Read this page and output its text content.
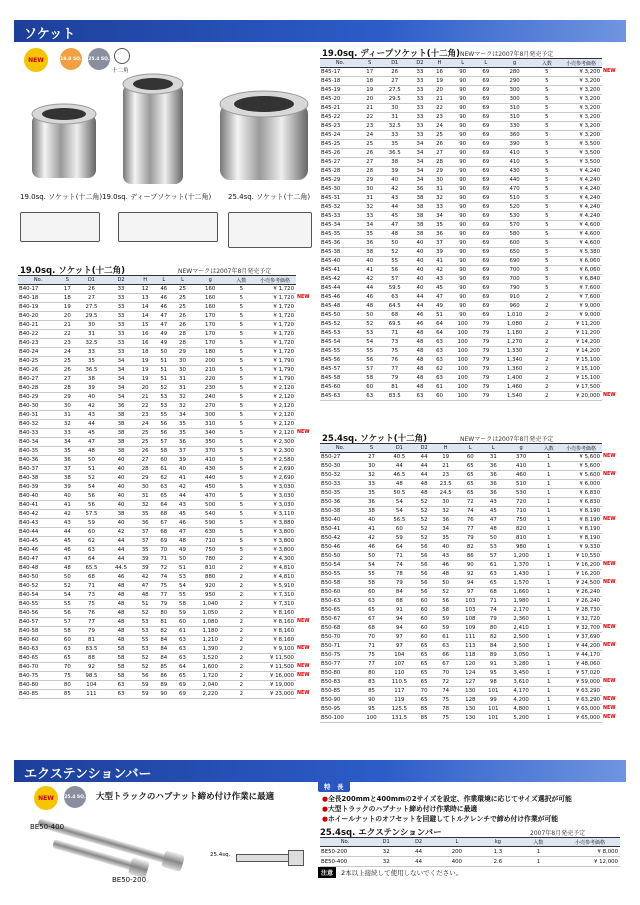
ソケット
NEW	19.0 SQ. 25.4 SQ.
十二角
19.0sq. ソケット(十二角) 19.0sq. ディープソケット(十二角) 25.4sq. ソケット(十二角)
19.0sq. ソケット(十二角)	NEWマークは2007年8月発売予定
No.	S	D1	D2	H	L	L	g	入数	小売参考価格	
B40-17	17	26	33	12	46	25	160	5	¥ 1,720	
B40-18	18	27	33	13	46	25	160	5	¥ 1,720	NEW
B40-19	19	27.5	33	14	46	25	160	5	¥ 1,720	
B40-20	20	29.5	33	14	47	26	170	5	¥ 1,720	
B40-21	21	30	33	15	47	26	170	5	¥ 1,720	
B40-22	22	31	33	16	49	28	170	5	¥ 1,720	
B40-23	23	32.5	33	16	49	28	170	5	¥ 1,720	
B40-24	24	33	33	18	50	29	180	5	¥ 1,720	
B40-25	25	35	34	19	51	30	200	5	¥ 1,790	
B40-26	26	36.5	34	19	51	30	210	5	¥ 1,790	
B40-27	27	38	34	19	51	31	220	5	¥ 1,790	
B40-28	28	39	34	20	52	31	230	5	¥ 2,120	
B40-29	29	40	34	21	53	32	240	5	¥ 2,120	
B40-30	30	42	36	22	53	32	270	5	¥ 2,120	
B40-31	31	43	38	23	55	34	300	5	¥ 2,120	
B40-32	32	44	38	24	56	35	310	5	¥ 2,120	
B40-33	33	45	38	25	56	35	340	5	¥ 2,120	NEW
B40-34	34	47	38	25	57	36	350	5	¥ 2,300	
B40-35	35	48	38	26	58	37	370	5	¥ 2,300	
B40-36	36	50	40	27	60	39	410	5	¥ 2,580	
B40-37	37	51	40	28	61	40	430	5	¥ 2,690	
B40-38	38	52	40	29	62	41	440	5	¥ 2,690	
B40-39	39	54	40	30	63	42	450	5	¥ 3,030	
B40-40	40	56	40	31	65	44	470	5	¥ 3,030	
B40-41	41	56	40	32	64	43	500	5	¥ 3,030	
B40-42	42	57.5	38	35	68	45	540	5	¥ 3,110	
B40-43	43	59	40	36	67	46	590	5	¥ 3,880	
B40-44	44	60	42	37	68	47	630	5	¥ 3,800	
B40-45	45	62	44	37	69	48	710	5	¥ 3,800	
B40-46	46	63	44	35	70	49	750	5	¥ 3,800	
B40-47	47	64	44	39	71	50	780	2	¥ 4,300	
B40-48	48	65.5	44.5	39	72	51	810	2	¥ 4,810	
B40-50	50	68	46	42	74	53	880	2	¥ 4,810	
B40-52	52	71	48	47	75	54	920	2	¥ 5,910	
B40-54	54	73	48	48	77	55	950	2	¥ 7,310	
B40-55	55	75	48	51	79	58	1,040	2	¥ 7,310	
B40-56	56	76	48	52	80	59	1,050	2	¥ 8,160	
B40-57	57	77	48	53	81	60	1,080	2	¥ 8,160	NEW
B40-58	58	79	48	53	82	61	1,180	2	¥ 8,160	
B40-60	60	81	48	55	84	63	1,210	2	¥ 8,160	
B40-63	63	83.5	58	53	84	63	1,390	2	¥ 9,100	NEW
B40-65	65	88	58	52	84	63	1,520	2	¥ 11,500	
B40-70	70	92	58	52	85	64	1,600	2	¥ 11,500	NEW
B40-75	75	98.5	58	56	86	65	1,720	2	¥ 16,000	NEW
B40-80	80	104	63	59	89	69	2,040	2	¥ 19,000	
B40-85	85	111	63	59	90	69	2,220	2	¥ 23,000	NEW
19.0sq. ディープソケット(十二角) NEWマークは2007年8月発売予定
No.	S	D1	D2	H	L	L	g	入数	小売参考価格	
B45-17	17	26	33	16	90	69	280	5	¥ 3,200	NEW
B45-18	18	27	33	19	90	69	290	5	¥ 3,200	
B45-19	19	27.5	33	20	90	69	300	5	¥ 3,200	
B45-20	20	29.5	33	21	90	69	300	5	¥ 3,200	
B45-21	21	30	33	22	90	69	310	5	¥ 3,200	
B45-22	22	31	33	23	90	69	310	5	¥ 3,200	
B45-23	23	32.5	33	24	90	69	330	5	¥ 3,200	
B45-24	24	33	33	25	90	69	360	5	¥ 3,200	
B45-25	25	35	34	26	90	69	390	5	¥ 3,500	
B45-26	26	36.5	34	27	90	69	410	5	¥ 3,500	
B45-27	27	38	34	28	90	69	410	5	¥ 3,500	
B45-28	28	39	34	29	90	69	430	5	¥ 4,240	
B45-29	29	40	34	30	90	69	440	5	¥ 4,240	
B45-30	30	42	36	31	90	69	470	5	¥ 4,240	
B45-31	31	43	38	32	90	69	510	5	¥ 4,240	
B45-32	32	44	38	33	90	69	520	5	¥ 4,240	
B45-33	33	45	38	34	90	69	530	5	¥ 4,240	
B45-34	34	47	38	35	90	69	570	5	¥ 4,600	
B45-35	35	48	38	36	90	69	580	5	¥ 4,600	
B45-36	36	50	40	37	90	69	600	5	¥ 4,600	
B45-38	38	52	40	39	90	69	650	5	¥ 5,380	
B45-40	40	55	40	41	90	69	690	5	¥ 6,060	
B45-41	41	56	40	42	90	69	700	5	¥ 6,060	
B45-42	42	57	40	43	90	69	700	5	¥ 6,840	
B45-44	44	59.5	40	45	90	69	790	5	¥ 7,600	
B45-46	46	63	44	47	90	69	910	2	¥ 7,600	
B45-48	48	64.5	44	49	90	69	960	2	¥ 9,000	
B45-50	50	68	46	51	90	69	1,010	2	¥ 9,000	
B45-52	52	69.5	46	64	100	79	1,080	2	¥ 11,200	
B45-53	53	71	48	64	100	79	1,180	2	¥ 11,200	
B45-54	54	73	48	63	100	79	1,270	2	¥ 14,200	
B45-55	55	75	48	63	100	79	1,330	2	¥ 14,200	
B45-56	56	76	48	63	100	79	1,340	2	¥ 15,100	
B45-57	57	77	48	62	100	79	1,360	2	¥ 15,100	
B45-58	58	79	48	63	100	79	1,400	2	¥ 15,100	
B45-60	60	81	48	61	100	79	1,460	2	¥ 17,500	
B45-63	63	83.5	63	60	100	79	1,540	2	¥ 20,000	NEW
25.4sq. ソケット(十二角)	NEWマークは2007年8月発売予定
No.	S	D1	D2	H	L	L	g	入数	小売参考価格	
B50-27	27	40.5	44	19	60	31	370	1	¥ 5,600	NEW
B50-30	30	44	44	21	65	36	410	1	¥ 5,600	
B50-32	32	46.5	44	23	65	36	460	1	¥ 5,600	NEW
B50-33	33	48	48	23.5	65	36	510	1	¥ 6,000	
B50-35	35	50.5	48	24.5	65	36	530	1	¥ 6,830	
B50-36	36	54	52	30	72	43	720	1	¥ 6,830	
B50-38	38	54	52	32	74	45	710	1	¥ 8,190	
B50-40	40	56.5	52	36	76	47	750	1	¥ 8,190	NEW
B50-41	41	60	52	34	77	48	820	1	¥ 8,190	
B50-42	42	59	52	35	79	50	810	1	¥ 8,190	
B50-46	46	64	56	40	82	53	980	1	¥ 9,330	
B50-50	50	71	56	43	86	57	1,200	1	¥ 10,550	
B50-54	54	74	56	46	90	61	1,370	1	¥ 16,200	NEW
B50-55	55	78	56	48	92	63	1,430	1	¥ 16,200	
B50-58	58	79	56	50	94	65	1,570	1	¥ 24,500	NEW
B50-60	60	84	56	52	97	68	1,660	1	¥ 26,240	
B50-63	63	88	60	56	103	71	1,980	1	¥ 26,240	
B50-65	65	91	60	58	103	74	2,170	1	¥ 28,730	
B50-67	67	94	60	59	108	79	2,360	1	¥ 32,720	
B50-68	68	94	60	59	109	80	2,410	1	¥ 32,700	NEW
B50-70	70	97	60	61	111	82	2,500	1	¥ 37,690	
B50-71	71	97	65	63	113	84	2,500	1	¥ 44,200	NEW
B50-75	75	104	65	66	118	89	3,050	1	¥ 44,170	
B50-77	77	107	65	67	120	91	3,280	1	¥ 48,060	
B50-80	80	110	65	70	124	95	3,450	1	¥ 57,020	
B50-83	83	110.5	65	72	127	98	3,610	1	¥ 59,000	NEW
B50-85	85	117	70	74	130	101	4,170	1	¥ 63,290	
B50-90	90	119	65	75	128	99	4,200	1	¥ 63,290	NEW
B50-95	95	125.5	85	78	130	101	4,800	1	¥ 63,000	NEW
B50-100	100	131.5	85	75	130	101	5,200	1	¥ 65,000	NEW
エクステンションバー
NEW 25.4 SQ. 大型トラックのハブナット締め付け作業に最適
BE50-400
BE50-200
25.4sq.
特　長
●全長200mmと400mmの2サイズを設定、作業環境に応じてサイズ選択が可能
●大型トラックのハブナット締め付け作業時に最適
●ホイールナットのオフセットを回避してトルクレンチで締め付け作業が可能
25.4sq. エクステンションバー	2007年8月発売予定
No.	D1	D2	L	kg	入数	小売参考価格
BE50-200	32	44	200	1.3	1	¥ 8,000
BE50-400	32	44	400	2.6	1	¥ 12,000
注意	2本以上接続して使用しないでください。
